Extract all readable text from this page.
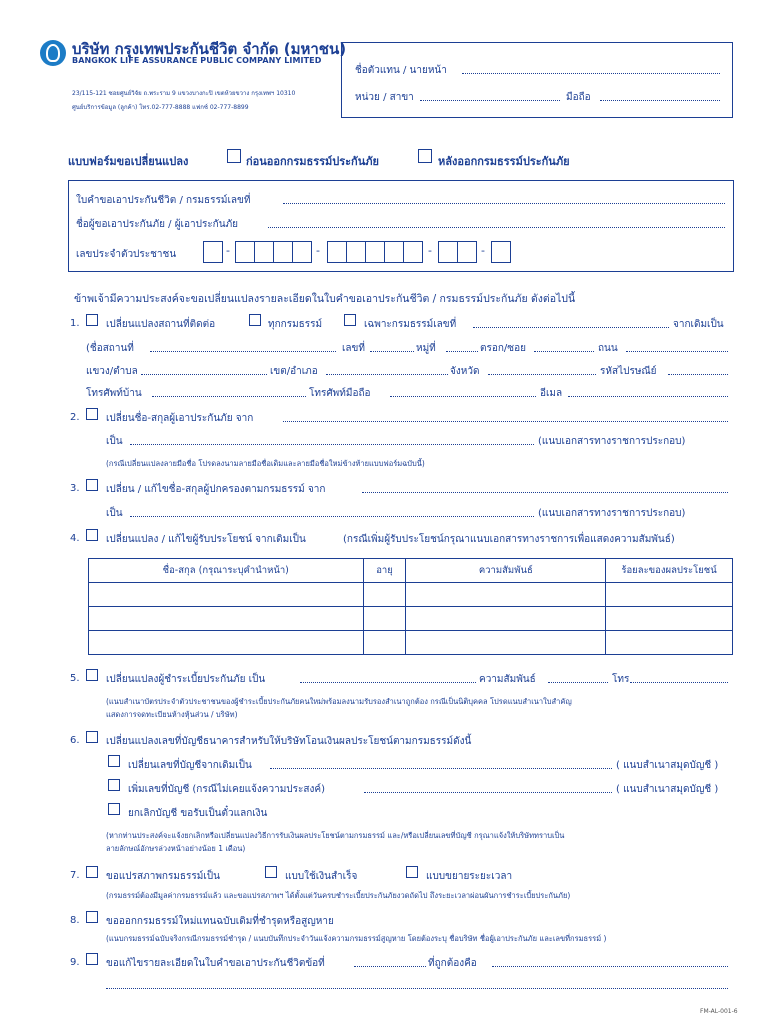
บริษัท กรุงเทพประกันชีวิต จำกัด (มหาชน)
BANGKOK LIFE ASSURANCE PUBLIC COMPANY LIMITED
23/115-121 ซอยศูนย์วิจัย ถ.พระราม 9 แขวงบางกะปิ เขตห้วยขวาง กรุงเทพฯ 10310
ศูนย์บริการข้อมูล (ลูกค้า) โทร.02-777-8888 แฟกซ์ 02-777-8899
ชื่อตัวแทน / นายหน้า
หน่วย / สาขา	มือถือ
แบบฟอร์มขอเปลี่ยนแปลง	ก่อนออกกรมธรรม์ประกันภัย	หลังออกกรมธรรม์ประกันภัย
ใบคำขอเอาประกันชีวิต / กรมธรรม์เลขที่
ชื่อผู้ขอเอาประกันภัย / ผู้เอาประกันภัย
เลขประจำตัวประชาชน	-	-	-	-
ข้าพเจ้ามีความประสงค์จะขอเปลี่ยนแปลงรายละเอียดในใบคำขอเอาประกันชีวิต / กรมธรรม์ประกันภัย ดังต่อไปนี้
1.	เปลี่ยนแปลงสถานที่ติดต่อ	ทุกกรมธรรม์	เฉพาะกรมธรรม์เลขที่	จากเดิมเป็น
(ชื่อสถานที่	เลขที่	หมู่ที่	ตรอก/ซอย	ถนน
แขวง/ตำบล	เขต/อำเภอ	จังหวัด	รหัสไปรษณีย์
โทรศัพท์บ้าน	โทรศัพท์มือถือ	อีเมล
2.	เปลี่ยนชื่อ-สกุลผู้เอาประกันภัย จาก
เป็น	(แนบเอกสารทางราชการประกอบ)
(กรณีเปลี่ยนแปลงลายมือชื่อ โปรดลงนามลายมือชื่อเดิมและลายมือชื่อใหม่ข้างท้ายแบบฟอร์มฉบับนี้)
3.	เปลี่ยน / แก้ไขชื่อ-สกุลผู้ปกครองตามกรมธรรม์ จาก
เป็น	(แนบเอกสารทางราชการประกอบ)
4.	เปลี่ยนแปลง / แก้ไขผู้รับประโยชน์ จากเดิมเป็น	(กรณีเพิ่มผู้รับประโยชน์กรุณาแนบเอกสารทางราชการเพื่อแสดงความสัมพันธ์)
ชื่อ-สกุล (กรุณาระบุคำนำหน้า)	อายุ	ความสัมพันธ์	ร้อยละของผลประโยชน์

5.	เปลี่ยนแปลงผู้ชำระเบี้ยประกันภัย เป็น	ความสัมพันธ์	โทร
(แนบสำเนาบัตรประจำตัวประชาชนของผู้ชำระเบี้ยประกันภัยคนใหม่พร้อมลงนามรับรองสำเนาถูกต้อง กรณีเป็นนิติบุคคล โปรดแนบสำเนาใบสำคัญ
แสดงการจดทะเบียนห้างหุ้นส่วน / บริษัท)
6.	เปลี่ยนแปลงเลขที่บัญชีธนาคารสำหรับให้บริษัทโอนเงินผลประโยชน์ตามกรมธรรม์ดังนี้
เปลี่ยนเลขที่บัญชีจากเดิมเป็น	( แนบสำเนาสมุดบัญชี )
เพิ่มเลขที่บัญชี (กรณีไม่เคยแจ้งความประสงค์)	( แนบสำเนาสมุดบัญชี )
ยกเลิกบัญชี ขอรับเป็นตั๋วแลกเงิน
(หากท่านประสงค์จะแจ้งยกเลิกหรือเปลี่ยนแปลงวิธีการรับเงินผลประโยชน์ตามกรมธรรม์ และ/หรือเปลี่ยนเลขที่บัญชี กรุณาแจ้งให้บริษัททราบเป็น
ลายลักษณ์อักษรล่วงหน้าอย่างน้อย 1 เดือน)
7.	ขอแปรสภาพกรมธรรม์เป็น	แบบใช้เงินสำเร็จ	แบบขยายระยะเวลา
(กรมธรรม์ต้องมีมูลค่ากรมธรรม์แล้ว และขอแปรสภาพฯ ได้ตั้งแต่วันครบชำระเบี้ยประกันภัยงวดถัดไป ถึงระยะเวลาผ่อนผันการชำระเบี้ยประกันภัย)
8.	ขอออกกรมธรรม์ใหม่แทนฉบับเดิมที่ชำรุดหรือสูญหาย
(แนบกรมธรรม์ฉบับจริงกรณีกรมธรรม์ชำรุด / แนบบันทึกประจำวันแจ้งความกรมธรรม์สูญหาย โดยต้องระบุ ชื่อบริษัท ชื่อผู้เอาประกันภัย และเลขที่กรมธรรม์ )
9.	ขอแก้ไขรายละเอียดในใบคำขอเอาประกันชีวิตข้อที่	ที่ถูกต้องคือ
FM-AL-001-6
